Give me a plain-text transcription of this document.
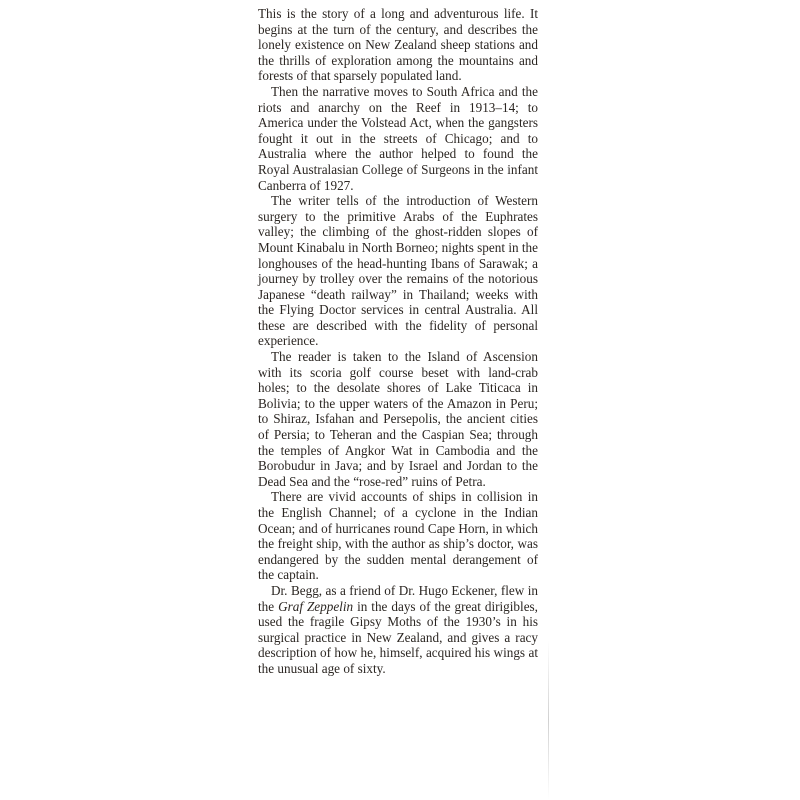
This is the story of a long and adventurous life. It begins at the turn of the century, and describes the lonely existence on New Zealand sheep stations and the thrills of exploration among the mountains and forests of that sparsely populated land.

Then the narrative moves to South Africa and the riots and anarchy on the Reef in 1913–14; to America under the Volstead Act, when the gangsters fought it out in the streets of Chicago; and to Australia where the author helped to found the Royal Australasian College of Surgeons in the infant Canberra of 1927.

The writer tells of the introduction of Western surgery to the primitive Arabs of the Euphrates valley; the climbing of the ghost-ridden slopes of Mount Kinabalu in North Borneo; nights spent in the longhouses of the head-hunting Ibans of Sarawak; a journey by trolley over the remains of the notorious Japanese “death railway” in Thailand; weeks with the Flying Doctor services in central Australia. All these are described with the fidelity of personal experience.

The reader is taken to the Island of Ascension with its scoria golf course beset with land-crab holes; to the desolate shores of Lake Titicaca in Bolivia; to the upper waters of the Amazon in Peru; to Shiraz, Isfahan and Persepolis, the ancient cities of Persia; to Teheran and the Caspian Sea; through the temples of Angkor Wat in Cambodia and the Borobudur in Java; and by Israel and Jordan to the Dead Sea and the “rose-red” ruins of Petra.

There are vivid accounts of ships in collision in the English Channel; of a cyclone in the Indian Ocean; and of hurricanes round Cape Horn, in which the freight ship, with the author as ship’s doctor, was endangered by the sudden mental derangement of the captain.

Dr. Begg, as a friend of Dr. Hugo Eckener, flew in the Graf Zeppelin in the days of the great dirigibles, used the fragile Gipsy Moths of the 1930’s in his surgical practice in New Zealand, and gives a racy description of how he, himself, acquired his wings at the unusual age of sixty.
